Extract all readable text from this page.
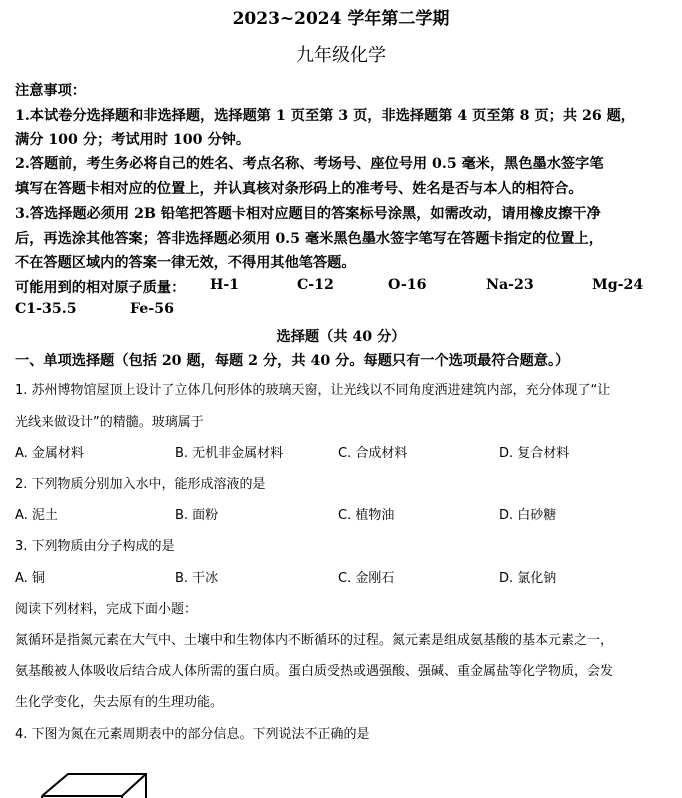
2023~2024 学年第二学期
九年级化学
注意事项：
1.本试卷分选择题和非选择题，选择题第 1 页至第 3 页，非选择题第 4 页至第 8 页；共 26 题，
满分 100 分；考试用时 100 分钟。
2.答题前，考生务必将自己的姓名、考点名称、考场号、座位号用 0.5 毫米，黑色墨水签字笔
填写在答题卡相对应的位置上，并认真核对条形码上的准考号、姓名是否与本人的相符合。
3.答选择题必须用 2B 铅笔把答题卡相对应题目的答案标号涂黑，如需改动，请用橡皮擦干净
后，再选涂其他答案；答非选择题必须用 0.5 毫米黑色墨水签字笔写在答题卡指定的位置上，
不在答题区域内的答案一律无效，不得用其他笔答题。
可能用到的相对原子质量： H-1	C-12	O-16	Na-23	Mg-24
C1-35.5	Fe-56
选择题（共 40 分）
一、单项选择题（包括 20 题，每题 2 分，共 40 分。每题只有一个选项最符合题意。）
1. 苏州博物馆屋顶上设计了立体几何形体的玻璃天窗，让光线以不同角度洒进建筑内部，充分体现了“让
光线来做设计”的精髓。玻璃属于
A. 金属材料	B. 无机非金属材料	C. 合成材料	D. 复合材料
2. 下列物质分别加入水中，能形成溶液的是
A. 泥土	B. 面粉	C. 植物油	D. 白砂糖
3. 下列物质由分子构成的是
A. 铜	B. 干冰	C. 金刚石	D. 氯化钠
阅读下列材料，完成下面小题：
氮循环是指氮元素在大气中、土壤中和生物体内不断循环的过程。氮元素是组成氨基酸的基本元素之一，
氨基酸被人体吸收后结合成人体所需的蛋白质。蛋白质受热或遇强酸、强碱、重金属盐等化学物质，会发
生化学变化，失去原有的生理功能。
4. 下图为氮在元素周期表中的部分信息。下列说法不正确的是
